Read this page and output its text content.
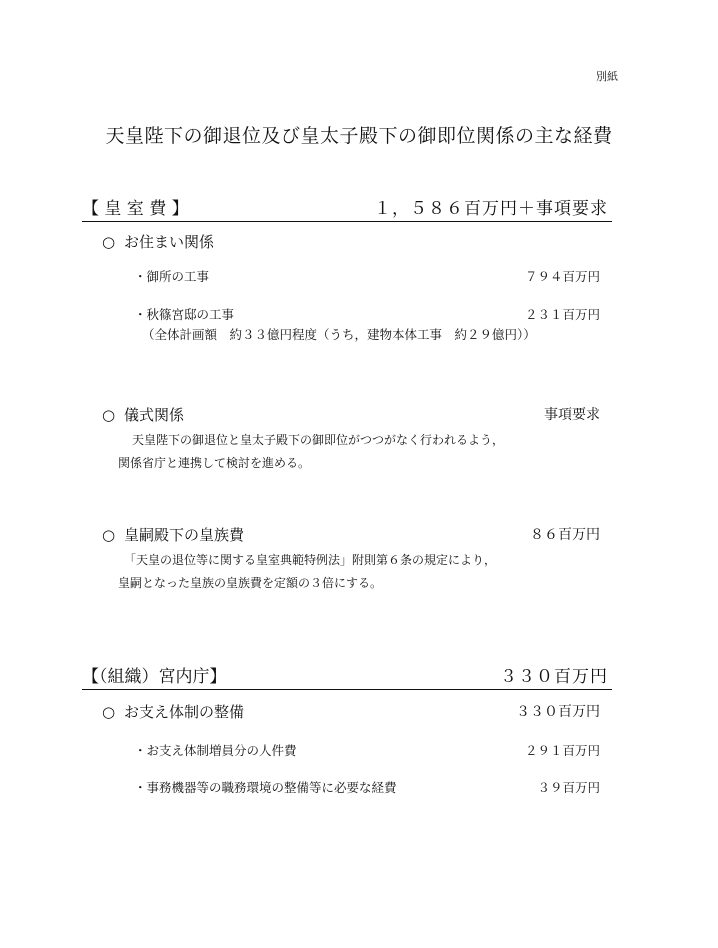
別紙
天皇陛下の御退位及び皇太子殿下の御即位関係の主な経費
【 皇 室 費 】	１，５８６百万円＋事項要求
○ お住まい関係
・御所の工事	７９４百万円
・秋篠宮邸の工事	２３１百万円
（全体計画額　約３３億円程度（うち，建物本体工事　約２９億円））
○ 儀式関係	事項要求
天皇陛下の御退位と皇太子殿下の御即位がつつがなく行われるよう，
関係省庁と連携して検討を進める。
○ 皇嗣殿下の皇族費	８６百万円
「天皇の退位等に関する皇室典範特例法」附則第６条の規定により，
皇嗣となった皇族の皇族費を定額の３倍にする。
【（組織）宮内庁】	３３０百万円
○ お支え体制の整備	３３０百万円
・お支え体制増員分の人件費	２９１百万円
・事務機器等の職務環境の整備等に必要な経費	３９百万円
